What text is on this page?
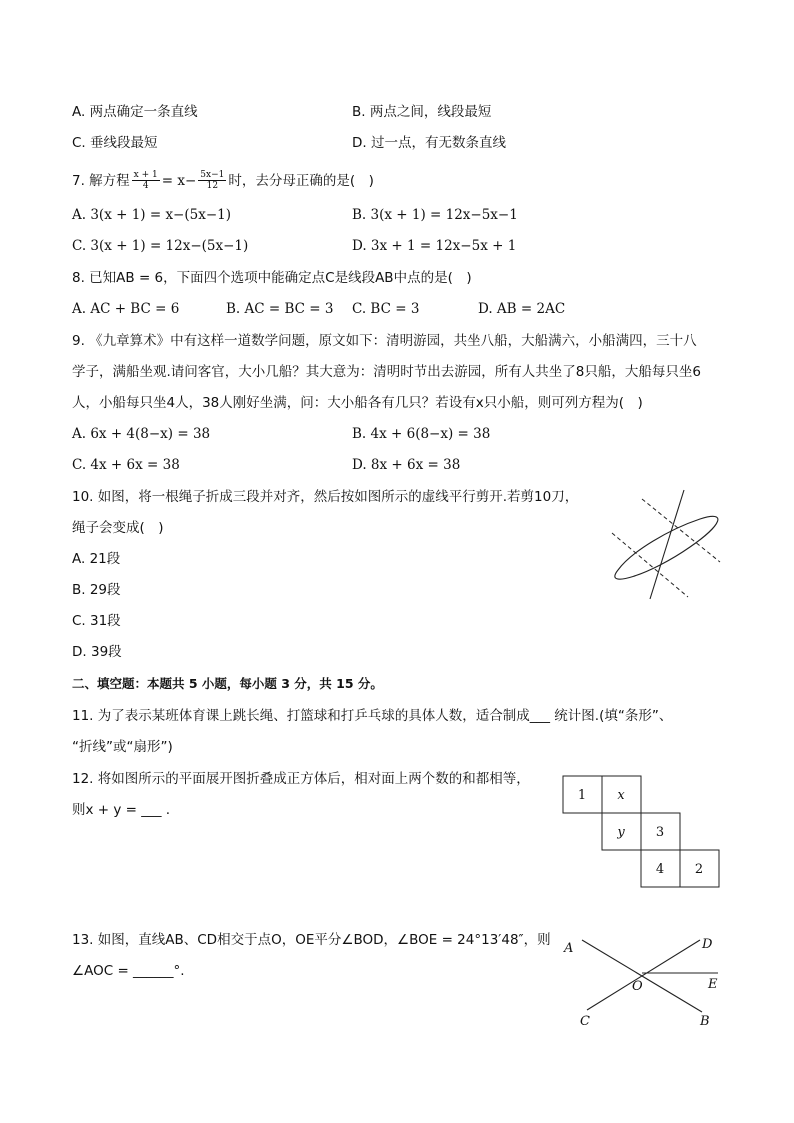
A. 两点确定一条直线	B. 两点之间，线段最短
C. 垂线段最短	D. 过一点，有无数条直线
7. 解方程 $\frac{x + 1}{4} = x- \frac{5x-1}{12}$ 时，去分母正确的是(　)
A. 3(x + 1) = x−(5x−1)	B. 3(x + 1) = 12x−5x−1
C. 3(x + 1) = 12x−(5x−1)	D. 3x + 1 = 12x−5x + 1
8. 已知AB = 6，下面四个选项中能确定点C是线段AB中点的是(　)
A. AC + BC = 6	B. AC = BC = 3 C. BC = 3	D. AB = 2AC
9. 《九章算术》中有这样一道数学问题，原文如下：清明游园，共坐八船，大船满六，小船满四，三十八
学子，满船坐观.请问客官，大小几船？其大意为：清明时节出去游园，所有人共坐了8只船，大船每只坐6
人，小船每只坐4人，38人刚好坐满，问：大小船各有几只？若设有x只小船，则可列方程为(　)
A. 6x + 4(8−x) = 38	B. 4x + 6(8−x) = 38
C. 4x + 6x = 38	D. 8x + 6x = 38
10. 如图，将一根绳子折成三段并对齐，然后按如图所示的虚线平行剪开.若剪10刀，
绳子会变成(　)
A. 21段
B. 29段
C. 31段
D. 39段
二、填空题：本题共 5 小题，每小题 3 分，共 15 分。
11. 为了表示某班体育课上跳长绳、打篮球和打乒乓球的具体人数，适合制成___ 统计图.(填“条形”、
“折线”或“扇形”)
12. 将如图所示的平面展开图折叠成正方体后，相对面上两个数的和都相等，
则x + y = ___ .
1 x
y 3
4 2
13. 如图，直线AB、CD相交于点O，OE平分∠BOD，∠BOE = 24°13′48″，则
∠AOC = ______°.
A	D
E
O
C	B
